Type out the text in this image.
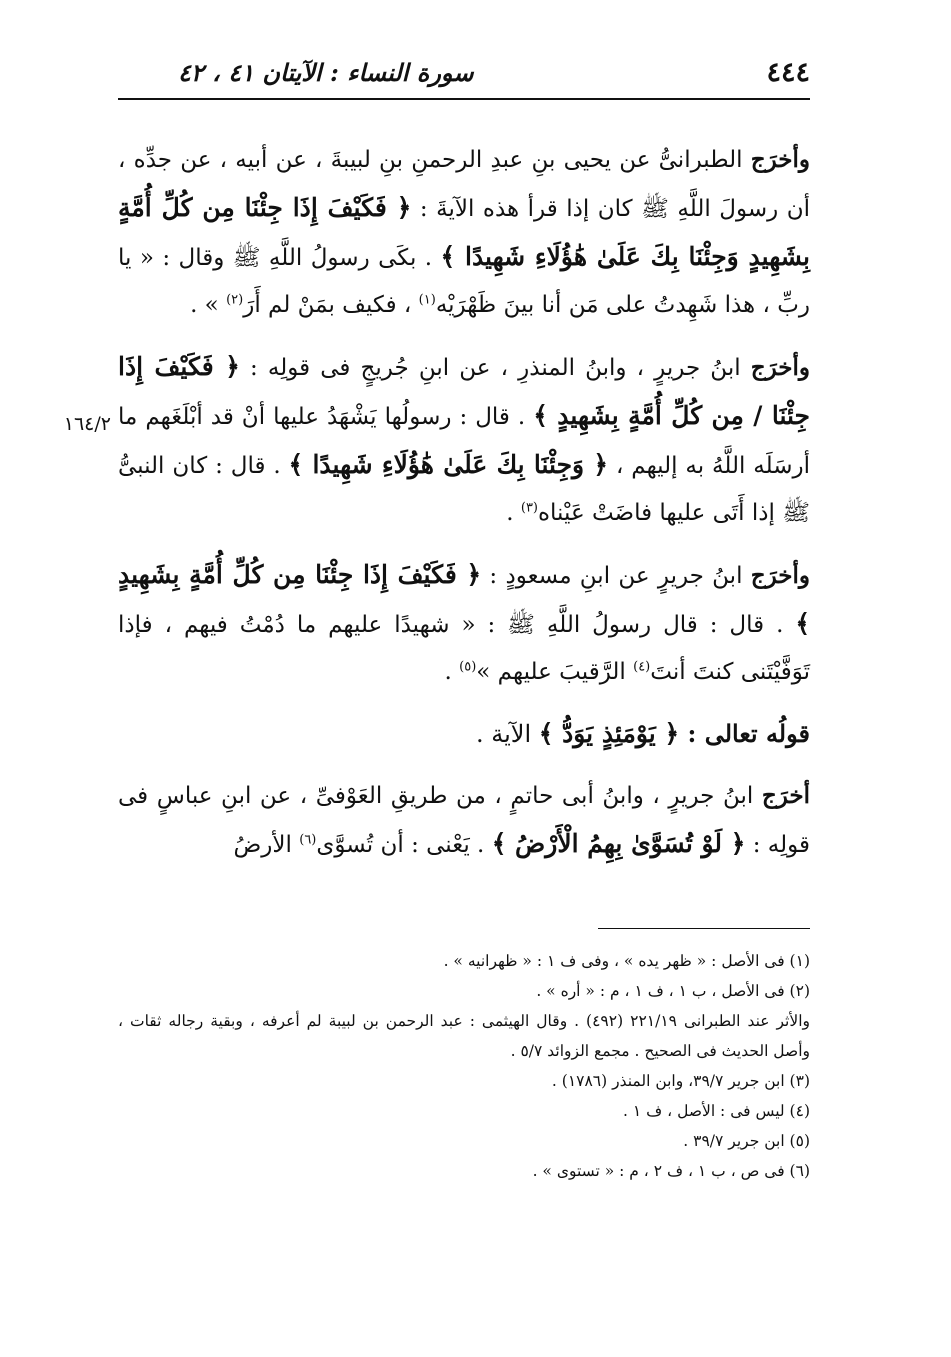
٤٤٤
سورة النساء : الآيتان ٤١ ، ٤٢
١٦٤/٢

وأخرَج الطبرانىُّ عن يحيى بنِ عبدِ الرحمنِ بنِ لبيبةَ ، عن أبيه ، عن جدِّه ، أن رسولَ اللَّهِ ﷺ كان إذا قرأ هذه الآيةَ : ﴿ فَكَيْفَ إِذَا جِئْنَا مِن كُلِّ أُمَّةٍ بِشَهِيدٍ وَجِئْنَا بِكَ عَلَىٰ هَٰؤُلَاءِ شَهِيدًا ﴾ . بكَى رسولُ اللَّهِ ﷺ وقال : « يا ربِّ ، هذا شَهِدتُ على مَن أنا بينَ ظَهْرَيْه$^{(١)}$ ، فكيف بمَنْ لم أَرَ$^{(٢)}$ » .

وأخرَج ابنُ جريرٍ ، وابنُ المنذرِ ، عن ابنِ جُريجٍ فى قولِه : ﴿ فَكَيْفَ إِذَا جِئْنَا / مِن كُلِّ أُمَّةٍ بِشَهِيدٍ ﴾ . قال : رسولُها يَشْهَدُ عليها أنْ قد أبْلَغَهم ما أرسَلَه اللَّهُ به إليهم ، ﴿ وَجِئْنَا بِكَ عَلَىٰ هَٰؤُلَاءِ شَهِيدًا ﴾ . قال : كان النبىُّ ﷺ إذا أَتَى عليها فاضَتْ عَيْناه$^{(٣)}$ .

وأخرَج ابنُ جريرٍ عن ابنِ مسعودٍ : ﴿ فَكَيْفَ إِذَا جِئْنَا مِن كُلِّ أُمَّةٍ بِشَهِيدٍ ﴾ . قال : قال رسولُ اللَّهِ ﷺ : « شهيدًا عليهم ما دُمْتُ فيهم ، فإذا تَوَفَّيْتَنى كنتَ أنتَ$^{(٤)}$ الرَّقيبَ عليهم »$^{(٥)}$ .

قولُه تعالى : ﴿ يَوْمَئِذٍ يَوَدُّ ﴾ الآية .

أخرَج ابنُ جريرٍ ، وابنُ أبى حاتمٍ ، من طريقِ العَوْفىِّ ، عن ابنِ عباسٍ فى قولِه : ﴿ لَوْ تُسَوَّىٰ بِهِمُ الْأَرْضُ ﴾ . يَعْنى : أن تُسوَّى$^{(٦)}$ الأرضُ

(١) فى الأصل : « ظهر يده » ، وفى ف ١ : « ظهرانيه » .

(٢) فى الأصل ، ب ١ ، ف ١ ، م : « أره » .

والأثر عند الطبرانى ٢٢١/١٩ (٤٩٢) . وقال الهيثمى : عبد الرحمن بن لبيبة لم أعرفه ، وبقية رجاله ثقات ، وأصل الحديث فى الصحيح . مجمع الزوائد ٥/٧ .

(٣) ابن جرير ٣٩/٧، وابن المنذر (١٧٨٦) .

(٤) ليس فى : الأصل ، ف ١ .

(٥) ابن جرير ٣٩/٧ .

(٦) فى ص ، ب ١ ، ف ٢ ، م : « تستوى » .
